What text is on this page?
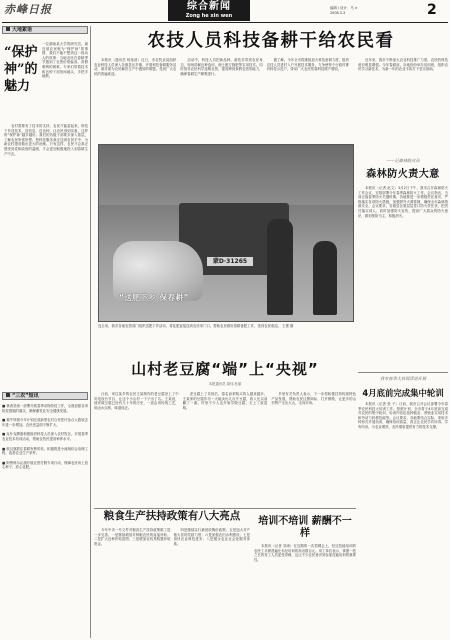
赤峰日报	综合新闻
Zong he xin wen
编辑 / 设计：马 ×
2008.3.3	2
大地絮语
“保护神”的魅力
一位湖南某大学的研究员，最近被农民称为“保护神”的事情，我们不能不想到这一段动人的故事：当地农民在春耕季节遇到了农资价格偏高、真假难辨的困难，专家们带着技术和良种下到田间地头，手把手地教。
农村需要有了技术的支持，农民才能富起来。科技下乡送技术、送信息、送良种，让农民得到实惠，这样的“保护神”越多越好。我们的各级干部要多深入基层，了解农民所需所想，把科技服务真正送到农民手中，为新农村建设做出更大的贡献。只有这样，农民才会真正感受到党和政府的温暖，才会更加积极地投入到春耕生产中去。
“三农”短讯
■ 林西县统一部署开展春季动物防疫工作，全面加强各项防疫措施的落实，确保畜牧业安全健康发展。
■ 翁牛特旗今年计划完成新型农村合作医疗参合人数较去年进一步增加，农民受益面不断扩大。
■ 克什克腾旗积极组织科技人员深入农村牧区，开展春季农业技术培训活动，帮助农牧民提高种养水平。
■ 敖汉旗抓住春耕有利时机，积极推进小流域综合治理工程，改善农业生产条件。
■ 阿鲁科尔沁旗开展农资打假专项行动，保障农民用上放心种子、放心化肥。
农技人员科技备耕干给农民看

本报讯（通讯员 杨延波）近日，市农牧业局组织农业科技人员深入各旗县区乡镇，开展科技备耕服务活动，面对面为农民解答生产中遇到的难题，受到广大农民的普遍欢迎。

活动中，科技人员把新品种、新技术带到农民身边，现场讲解良种选用、测土配方施肥等实用技术。同时指导农民科学选购农资，提高辨别真假农资的能力，确保春耕生产顺利进行。

据了解，今年全市将继续加大科技备耕力度，组织农技人员进村入户开展技术服务，力争使每个行政村都有科技示范户，带动广大农民依靠科技增产增收。

近年来，我市不断加大农业科技推广力度，农民的科技意识明显增强。今年春耕前，各地纷纷举办培训班，组织农民学习新技术，为新一年的农业丰收打下坚实基础。
蒙D·31265
“送肥下乡 保春耕”
连日来，我市各地农资部门组织送肥下乡活动，将化肥直接送到农民家门口，帮助农民做好春耕备肥工作，受到农民欢迎。 王蕾 摄
——记森林防火员
森林防火责大意
本报讯（记者 赵文）3月2日下午，我市召开森林防火工作会议，安排部署今年春季森林防火工作。会议指出，当前正值春季防火关键时期，各地要进一步增强责任意识，严格落实各项防火措施，加强野外火源管理，确保全市森林资源安全。会议要求，各旗县区要层层签订防火责任状，把责任落实到人；同时加强防火宣传，提高广大群众的防火意识，做到预防为主、积极消灭。
山村老豆腐“端”上“央视”
本报通讯员 周伟 杜丽

日前，家住某乡的农民王某制作的老豆腐登上了中央电视台节目，让这个小山村一下子出了名。王某说，他家做豆腐已经有几十年的历史，一直沿用传统工艺，用卤水点制，味道纯正。

老豆腐上了央视后，慕名而来购买的人越来越多，王某家的豆腐作坊一天能卖出几百斤豆腐，收入比以前翻了一番。村里不少人也开始学做豆腐，走上了致富路。

乡里有关负责人表示，下一步将积极扶持传统特色产品发展，帮助农民注册商标、打开销路，让更多的山村特产走出大山，走向市场。

我市春季大培训活动开展
4月底前完成集中轮训
本报讯（记者 张 子）日前，我市召开会议部署今年春季农民科技大培训工作。按照计划，全市将于4月底前完成对农民的集中轮训，培训内容包括种植业、养殖业实用技术和劳动力转移技能等。会议要求，各地要结合实际，采取多种形式开展培训，确保培训质量，真正让农民学有所得、学有所用，为农业增效、农民增收提供有力的技术支撑。
粮食生产扶持政策有八大亮点

今年中央一号文件对粮食生产扶持政策做了进一步完善。一是继续增加对种粮农民的直接补贴；二是扩大良种补贴范围；三是增加农机具购置补贴资金。

四是继续实行最低收购价政策；五是加大对产粮大县的奖励力度；六是加强农田水利建设；七是加快农业科技进步；八是健全农业社会化服务体系。

培训不培训 薪酬不一样
本报讯（记者 刘涛）在近期的一次招聘会上，经过技能培训的农民工月薪普遍比未经培训的高出数百元。用工单位表示，掌握一技之长的务工人员更受青睐，这让不少农民意识到参加技能培训的重要性。
